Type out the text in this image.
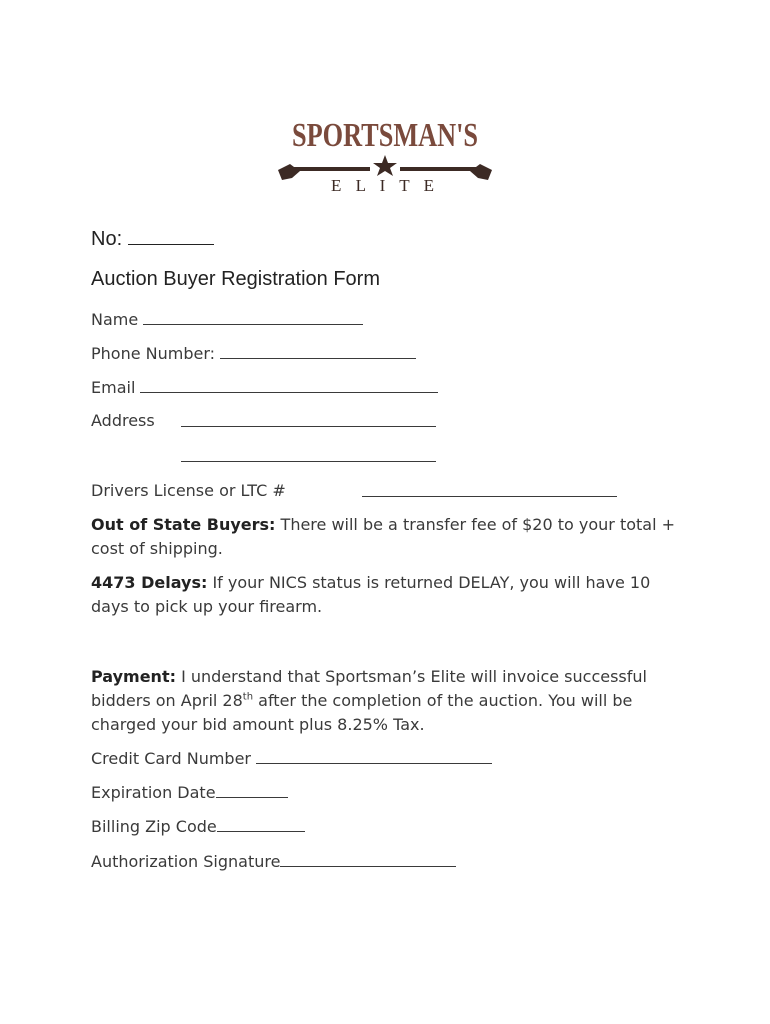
SPORTSMAN'S
E L I T E
No:
Auction Buyer Registration Form
Name
Phone Number:
Email
Address
Drivers License or LTC #
Out of State Buyers: There will be a transfer fee of $20 to your total + cost of shipping.
4473 Delays: If your NICS status is returned DELAY, you will have 10 days to pick up your firearm.
Payment: I understand that Sportsman’s Elite will invoice successful bidders on April 28th after the completion of the auction. You will be charged your bid amount plus 8.25% Tax.
Credit Card Number
Expiration Date
Billing Zip Code
Authorization Signature
